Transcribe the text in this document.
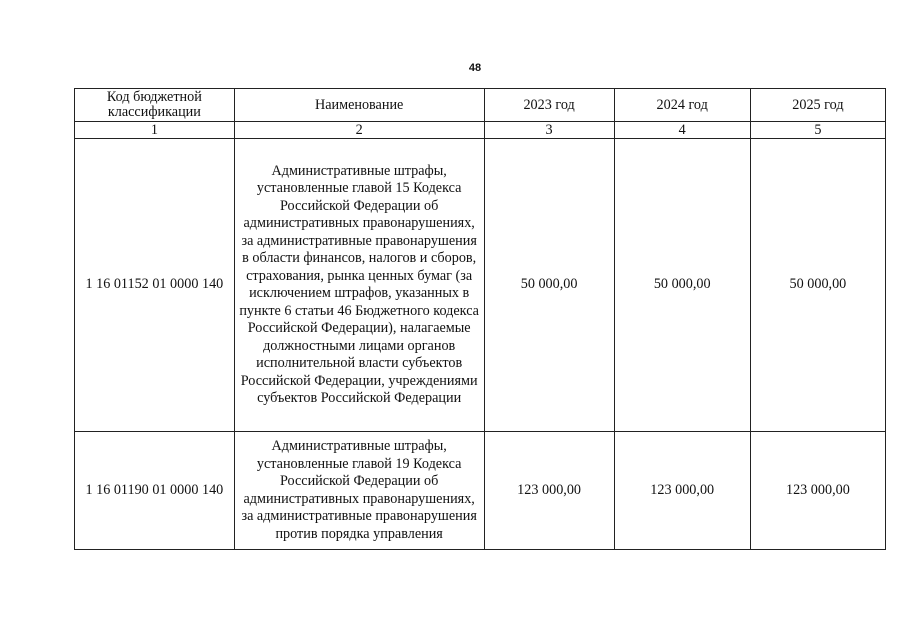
48
Код бюджетной классификации	Наименование	2023 год	2024 год	2025 год
1	2	3	4	5
1 16 01152 01 0000 140	Административные штрафы, установленные главой 15 Кодекса Российской Федерации об административных правонарушениях, за административные правонарушения в области финансов, налогов и сборов, страхования, рынка ценных бумаг (за исключением штрафов, указанных в пункте 6 статьи 46 Бюджетного кодекса Российской Федерации), налагаемые должностными лицами органов исполнительной власти субъектов Российской Федерации, учреждениями субъектов Российской Федерации	50 000,00	50 000,00	50 000,00
1 16 01190 01 0000 140	Административные штрафы, установленные главой 19 Кодекса Российской Федерации об административных правонарушениях, за административные правонарушения против порядка управления	123 000,00	123 000,00	123 000,00
